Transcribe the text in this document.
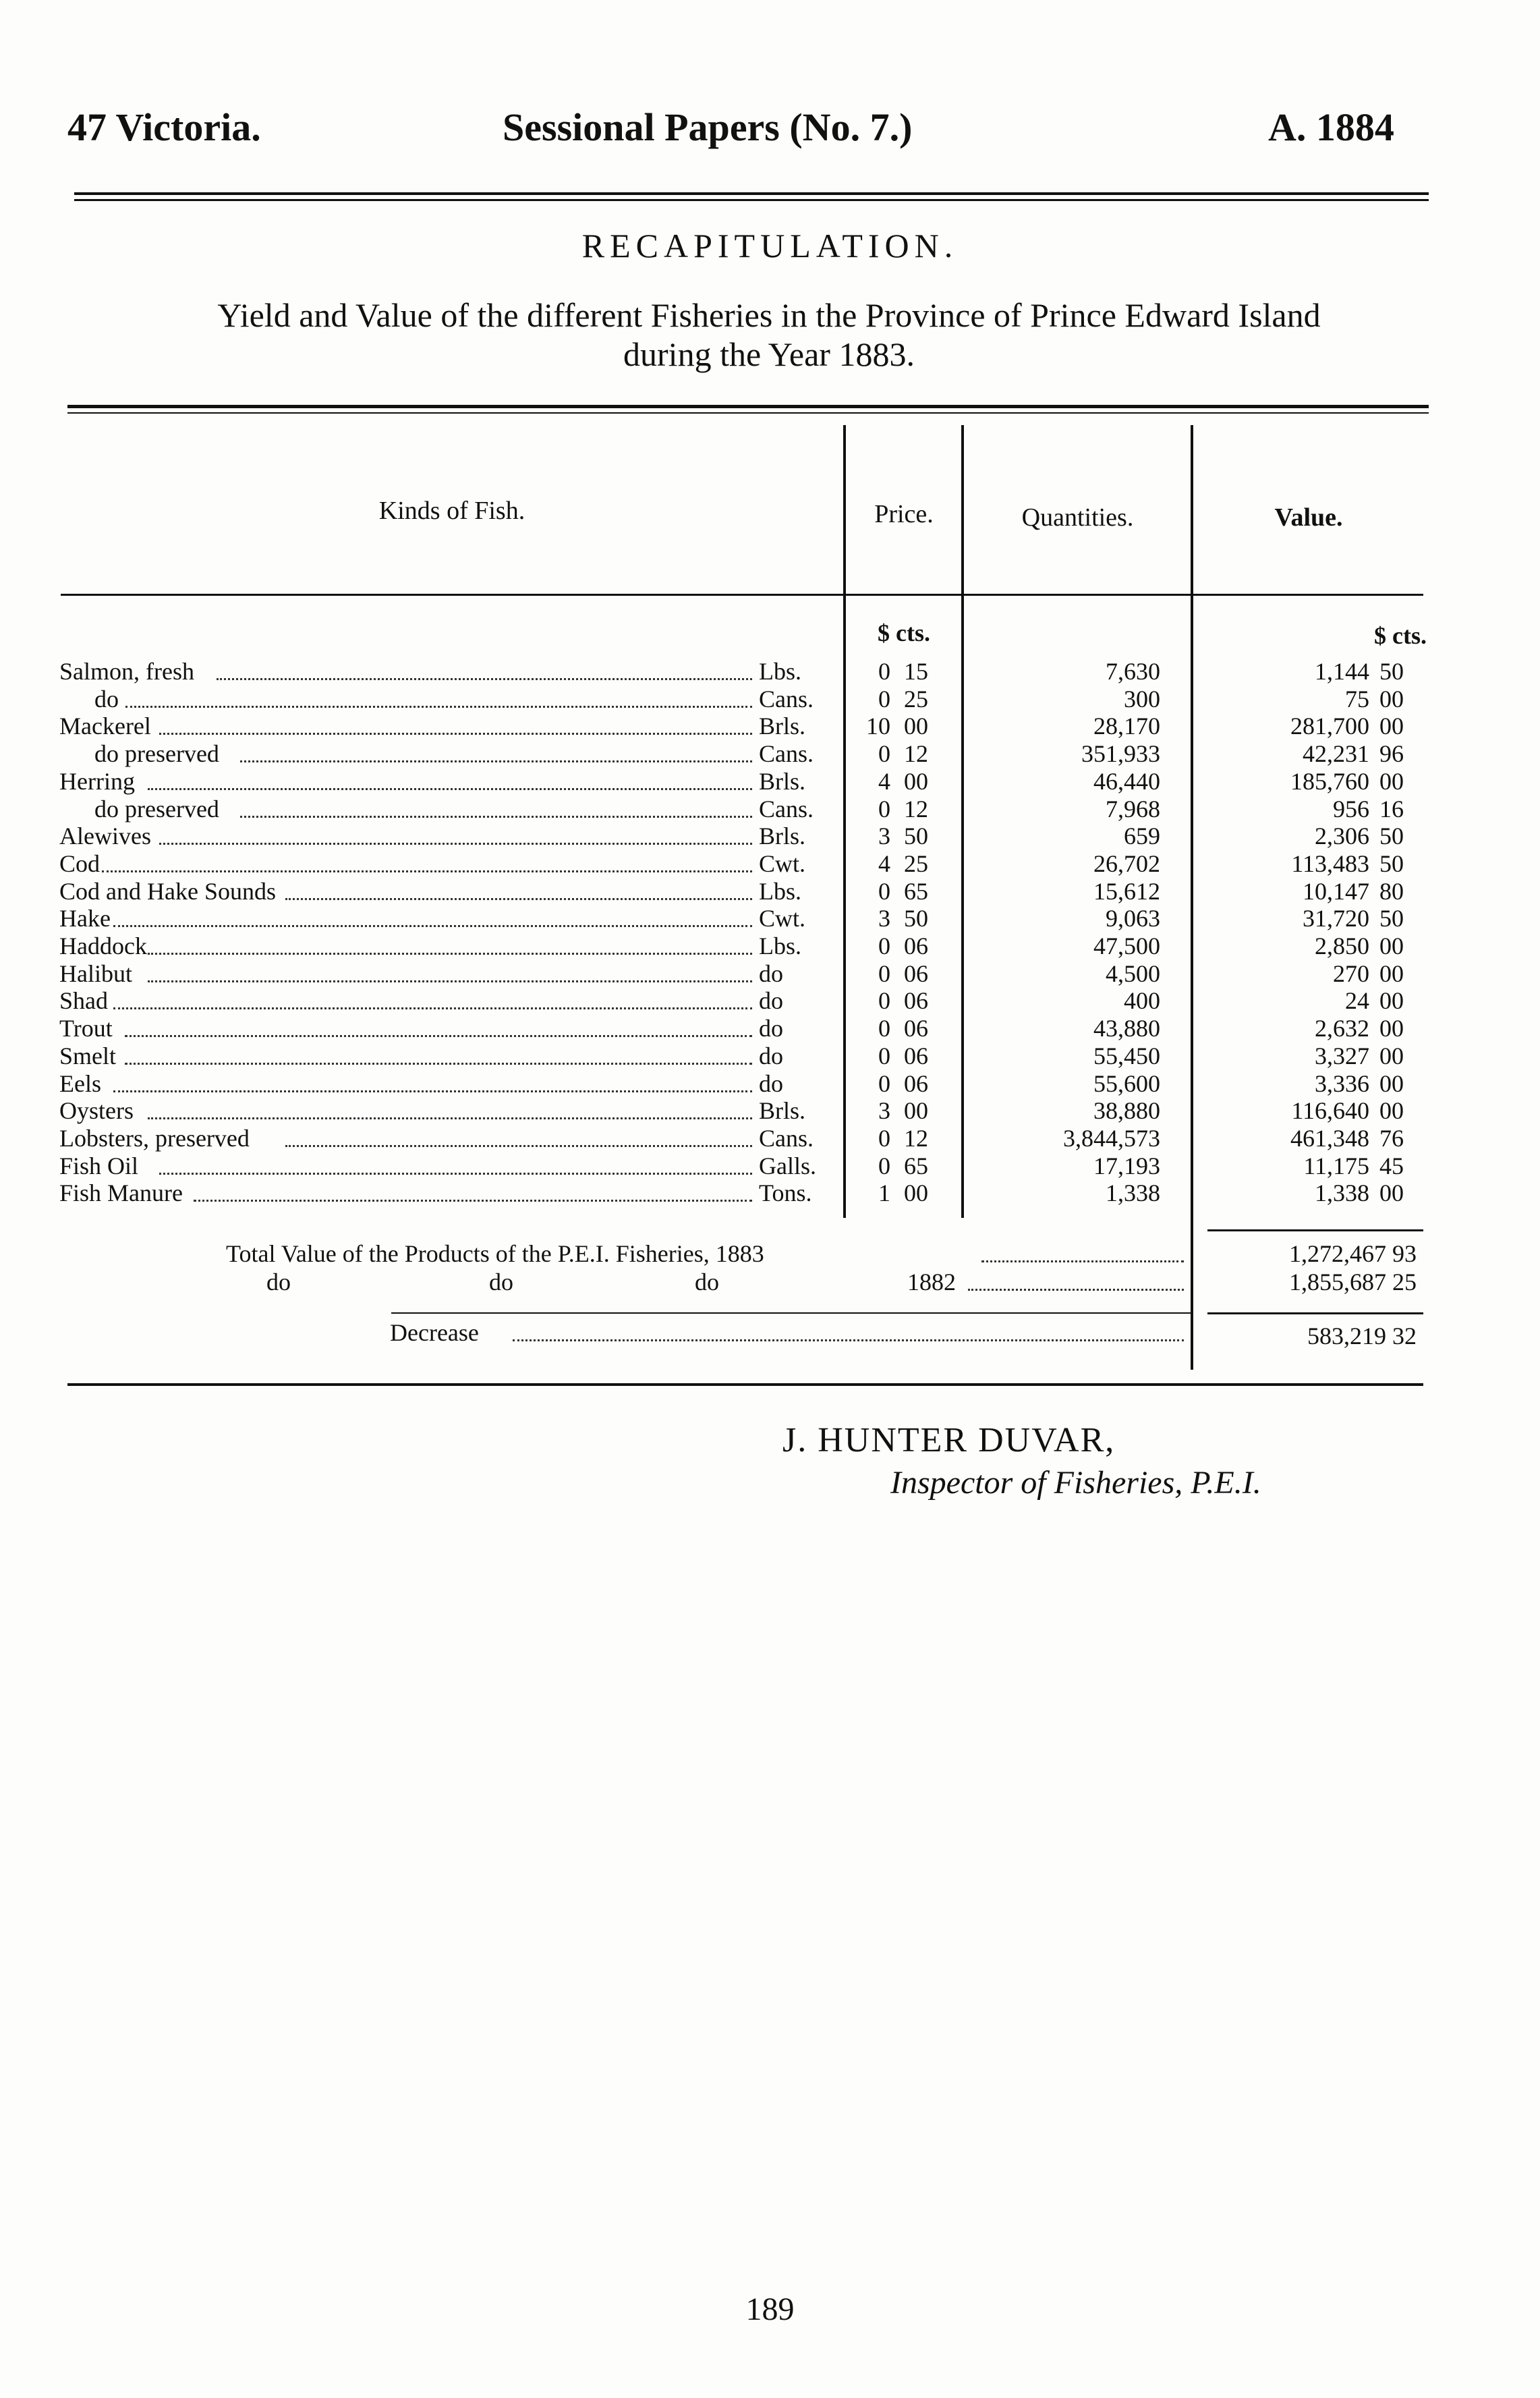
47 Victoria.	Sessional Papers (No. 7.)	A. 1884
RECAPITULATION.
Yield and Value of the different Fisheries in the Province of Prince Edward Island
during the Year 1883.
Kinds of Fish.	Price.	Quantities.	Value.
$ cts.	$ cts.
Salmon, fresh	Lbs.	0 15	7,630	1,144 50
do	Cans.	0 25	300	75 00
Mackerel	Brls.	10 00	28,170	281,700 00
do preserved	Cans.	0 12	351,933	42,231 96
Herring	Brls.	4 00	46,440	185,760 00
do preserved	Cans.	0 12	7,968	956 16
Alewives	Brls.	3 50	659	2,306 50
Cod	Cwt.	4 25	26,702	113,483 50
Cod and Hake Sounds	Lbs.	0 65	15,612	10,147 80
Hake	Cwt.	3 50	9,063	31,720 50
Haddock	Lbs.	0 06	47,500	2,850 00
Halibut	do	0 06	4,500	270 00
Shad	do	0 06	400	24 00
Trout	do	0 06	43,880	2,632 00
Smelt	do	0 06	55,450	3,327 00
Eels	do	0 06	55,600	3,336 00
Oysters	Brls.	3 00	38,880	116,640 00
Lobsters, preserved	Cans.	0 12	3,844,573	461,348 76
Fish Oil	Galls.	0 65	17,193	11,175 45
Fish Manure	Tons.	1 00	1,338	1,338 00
Total Value of the Products of the P.E.I. Fisheries, 1883	1,272,467 93
do	do	do	1882	1,855,687 25
Decrease	583,219 32
J. HUNTER DUVAR,
Inspector of Fisheries, P.E.I.
189
